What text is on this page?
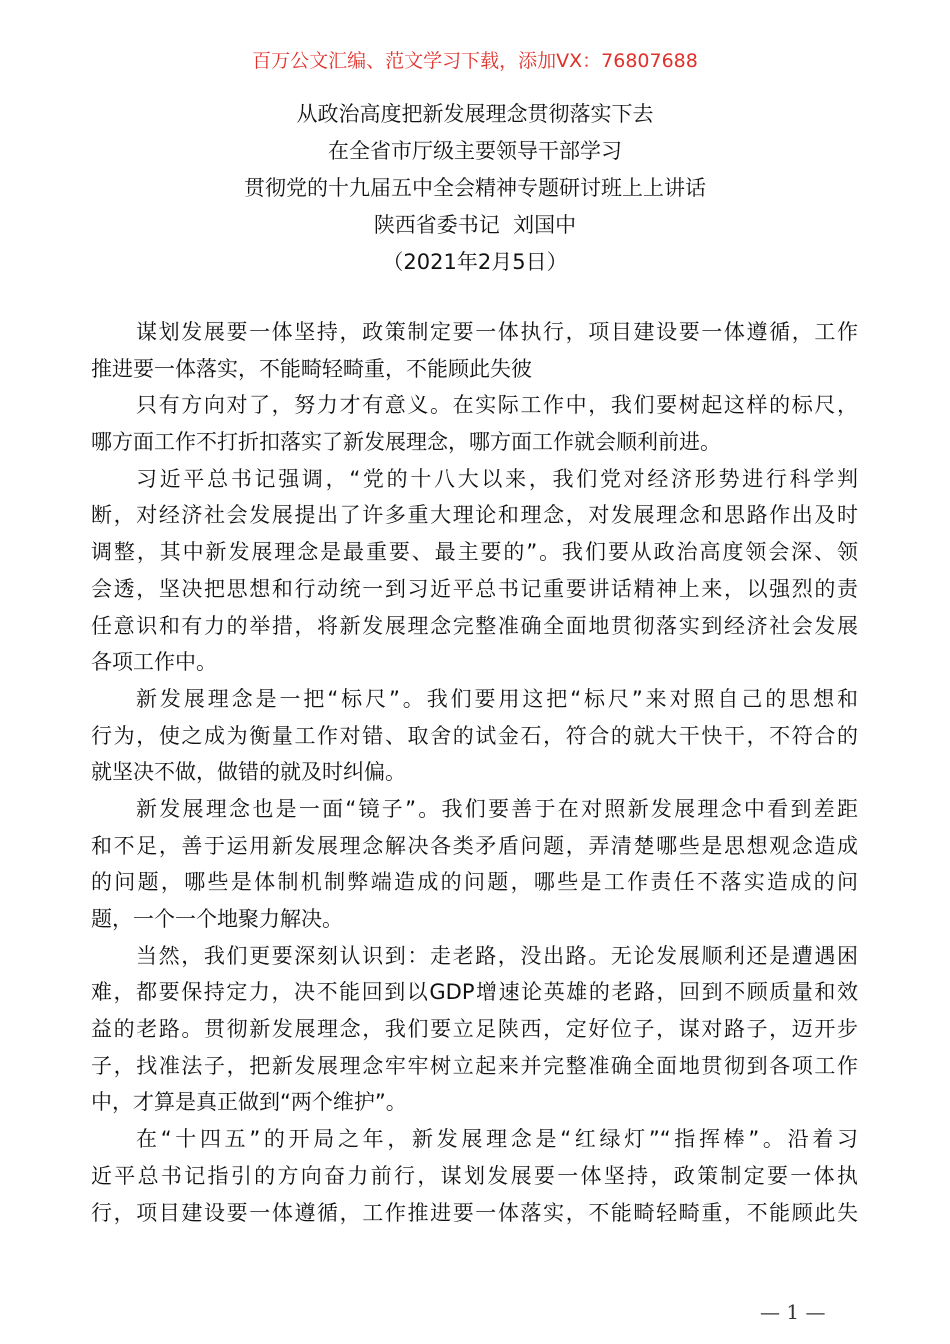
百万公文汇编、范文学习下载，添加VX：76807688
从政治高度把新发展理念贯彻落实下去
在全省市厅级主要领导干部学习
贯彻党的十九届五中全会精神专题研讨班上上讲话
陕西省委书记  刘国中
（2021年2月5日）
谋划发展要一体坚持，政策制定要一体执行，项目建设要一体遵循，工作
推进要一体落实，不能畸轻畸重，不能顾此失彼
只有方向对了，努力才有意义。在实际工作中，我们要树起这样的标尺，
哪方面工作不打折扣落实了新发展理念，哪方面工作就会顺利前进。
习近平总书记强调，“党的十八大以来，我们党对经济形势进行科学判
断，对经济社会发展提出了许多重大理论和理念，对发展理念和思路作出及时
调整，其中新发展理念是最重要、最主要的”。我们要从政治高度领会深、领
会透，坚决把思想和行动统一到习近平总书记重要讲话精神上来，以强烈的责
任意识和有力的举措，将新发展理念完整准确全面地贯彻落实到经济社会发展
各项工作中。
新发展理念是一把“标尺”。我们要用这把“标尺”来对照自己的思想和
行为，使之成为衡量工作对错、取舍的试金石，符合的就大干快干，不符合的
就坚决不做，做错的就及时纠偏。
新发展理念也是一面“镜子”。我们要善于在对照新发展理念中看到差距
和不足，善于运用新发展理念解决各类矛盾问题，弄清楚哪些是思想观念造成
的问题，哪些是体制机制弊端造成的问题，哪些是工作责任不落实造成的问
题，一个一个地聚力解决。
当然，我们更要深刻认识到：走老路，没出路。无论发展顺利还是遭遇困
难，都要保持定力，决不能回到以GDP增速论英雄的老路，回到不顾质量和效
益的老路。贯彻新发展理念，我们要立足陕西，定好位子，谋对路子，迈开步
子，找准法子，把新发展理念牢牢树立起来并完整准确全面地贯彻到各项工作
中，才算是真正做到“两个维护”。
在“十四五”的开局之年，新发展理念是“红绿灯”“指挥棒”。沿着习
近平总书记指引的方向奋力前行，谋划发展要一体坚持，政策制定要一体执
行，项目建设要一体遵循，工作推进要一体落实，不能畸轻畸重，不能顾此失
— 1 —
